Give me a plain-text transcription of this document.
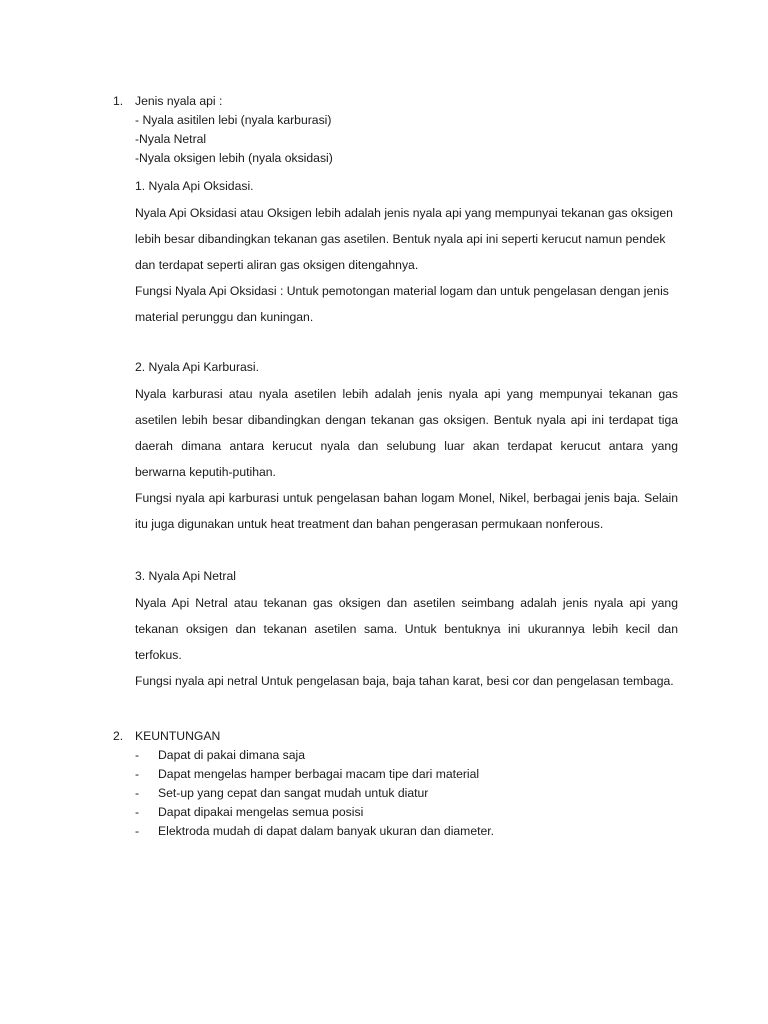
1. Jenis nyala api :
- Nyala asitilen lebi (nyala karburasi)
-Nyala Netral
-Nyala oksigen lebih (nyala oksidasi)
1. Nyala Api Oksidasi.

Nyala Api Oksidasi atau Oksigen lebih adalah jenis nyala api yang mempunyai tekanan gas oksigen

lebih besar dibandingkan tekanan gas asetilen. Bentuk nyala api ini seperti kerucut namun pendek

dan terdapat seperti aliran gas oksigen ditengahnya.

Fungsi Nyala Api Oksidasi : Untuk pemotongan material logam dan untuk pengelasan dengan jenis

material perunggu dan kuningan.

2. Nyala Api Karburasi.

Nyala karburasi atau nyala asetilen lebih adalah jenis nyala api yang mempunyai tekanan gas

asetilen lebih besar dibandingkan dengan tekanan gas oksigen. Bentuk nyala api ini terdapat tiga

daerah dimana antara kerucut nyala dan selubung luar akan terdapat kerucut antara yang

berwarna keputih-putihan.

Fungsi nyala api karburasi untuk pengelasan bahan logam Monel, Nikel, berbagai jenis baja. Selain

itu juga digunakan untuk heat treatment dan bahan pengerasan permukaan nonferous.

3. Nyala Api Netral

Nyala Api Netral atau tekanan gas oksigen dan asetilen seimbang adalah jenis nyala api yang

tekanan oksigen dan tekanan asetilen sama. Untuk bentuknya ini ukurannya lebih kecil dan

terfokus.

Fungsi nyala api netral Untuk pengelasan baja, baja tahan karat, besi cor dan pengelasan tembaga.

2. KEUNTUNGAN
- Dapat di pakai dimana saja
- Dapat mengelas hamper berbagai macam tipe dari material
- Set-up yang cepat dan sangat mudah untuk diatur
- Dapat dipakai mengelas semua posisi
- Elektroda mudah di dapat dalam banyak ukuran dan diameter.
